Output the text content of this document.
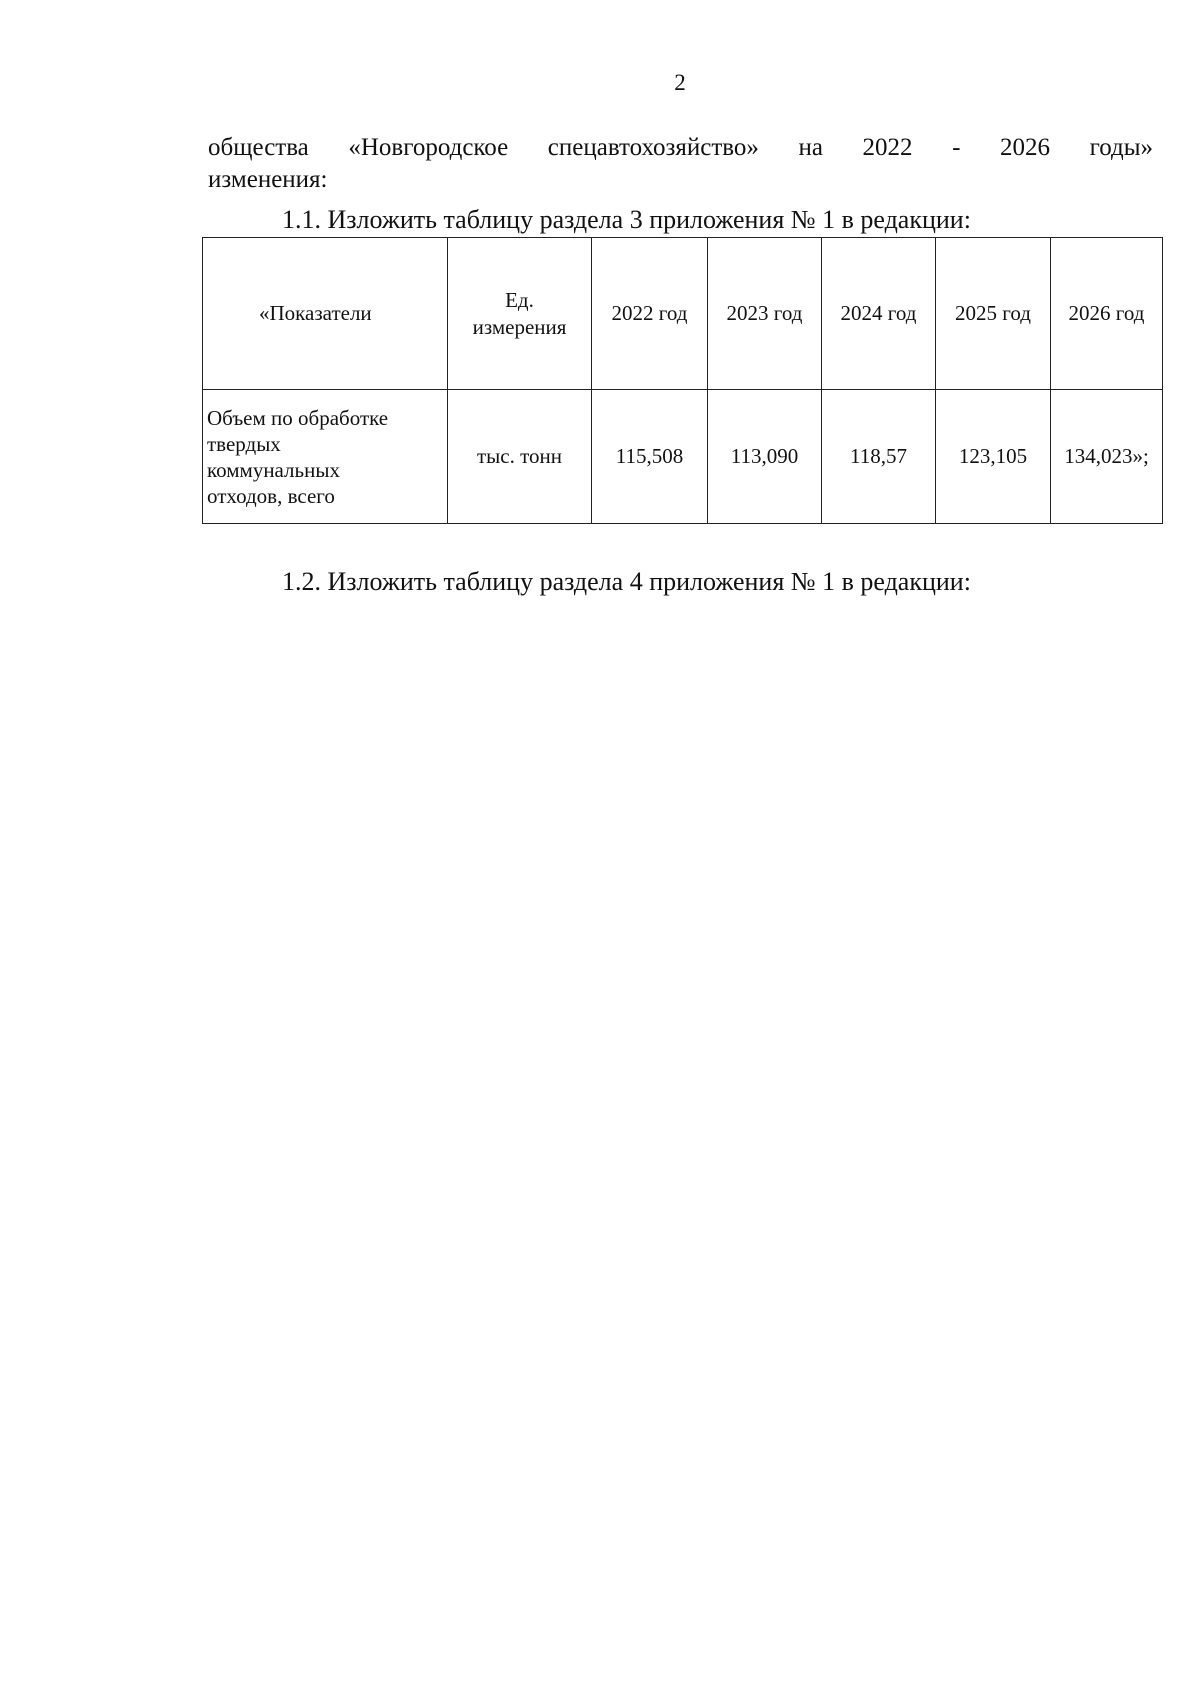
2
общества «Новгородское спецавтохозяйство» на 2022 - 2026 годы»
изменения:
1.1. Изложить таблицу раздела 3 приложения № 1 в редакции:
«Показатели	Ед.
измерения	2022 год	2023 год	2024 год	2025 год	2026 год

Объем по обработке
твердых
коммунальных
отходов, всего	тыс. тонн	115,508	113,090	118,57	123,105	134,023»;
1.2. Изложить таблицу раздела 4 приложения № 1 в редакции:
